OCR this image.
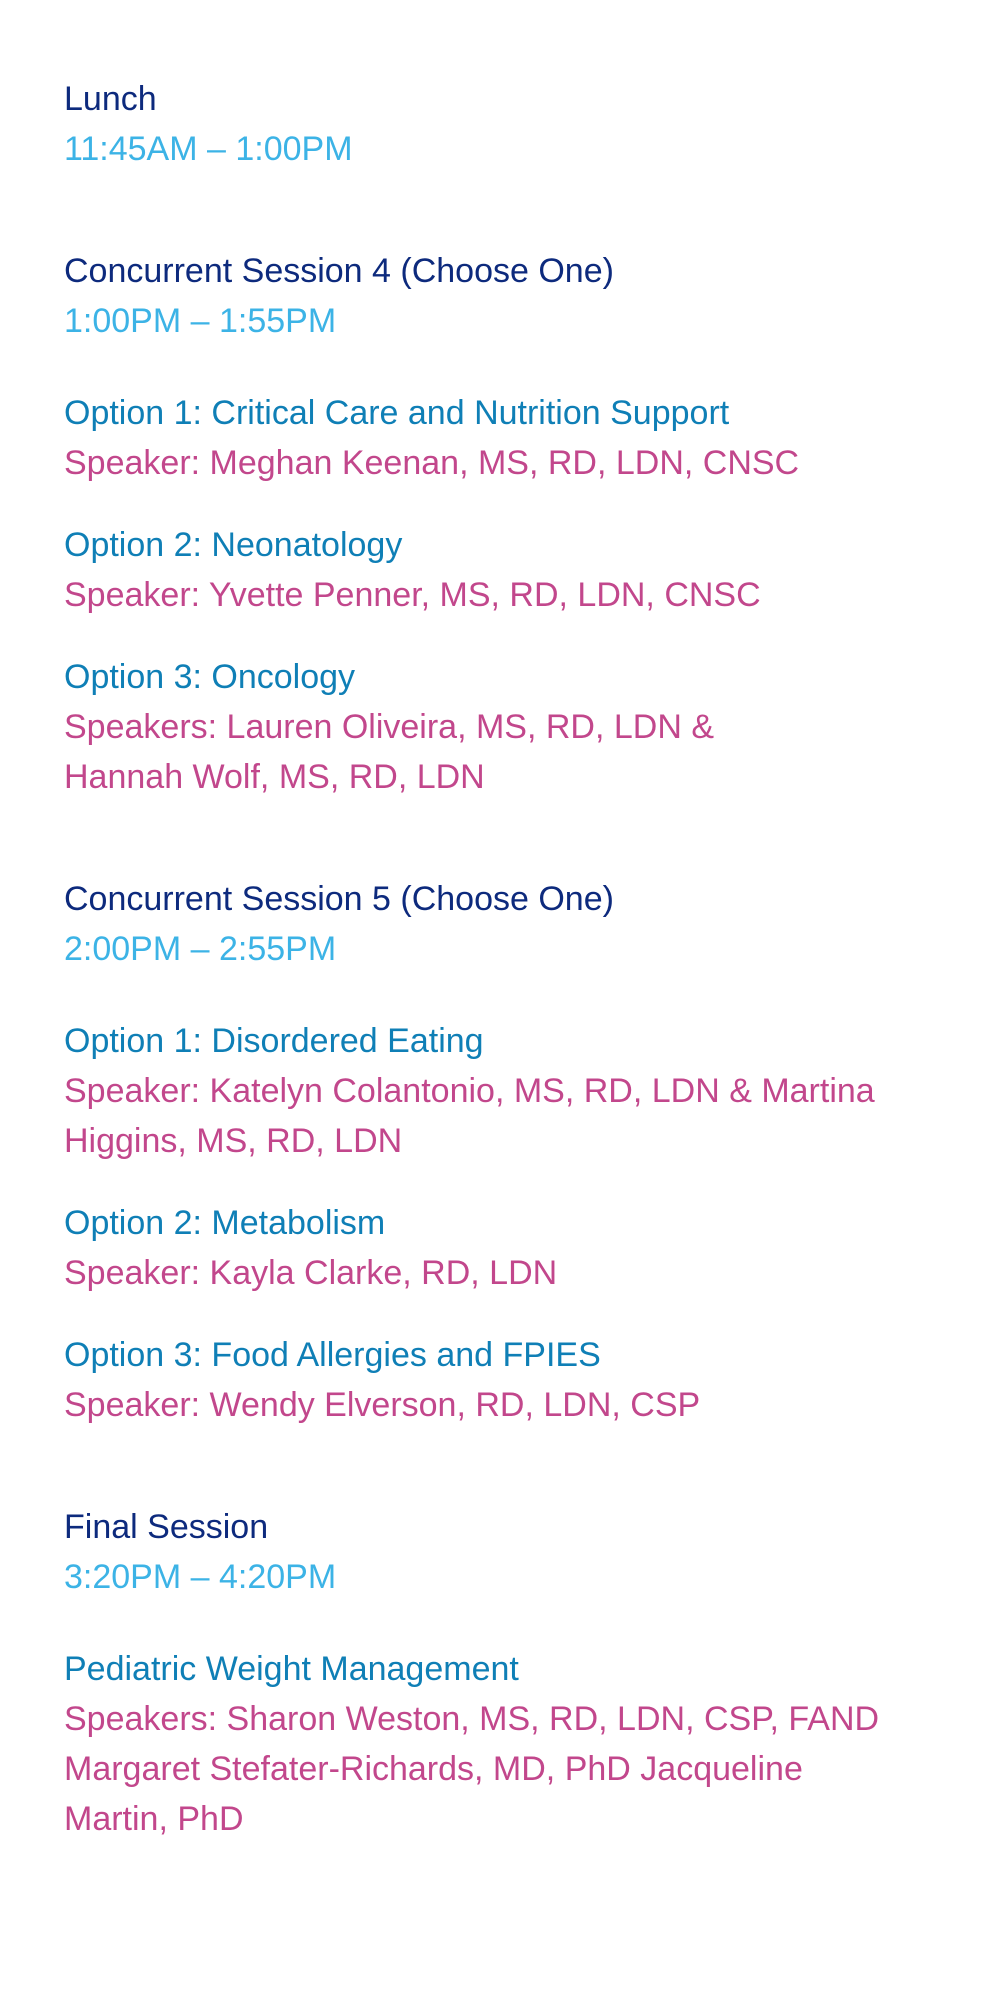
Lunch
11:45AM – 1:00PM
Concurrent Session 4 (Choose One)
1:00PM – 1:55PM
Option 1: Critical Care and Nutrition Support
Speaker: Meghan Keenan, MS, RD, LDN, CNSC
Option 2: Neonatology
Speaker: Yvette Penner, MS, RD, LDN, CNSC
Option 3: Oncology
Speakers: Lauren Oliveira, MS, RD, LDN &
Hannah Wolf, MS, RD, LDN
Concurrent Session 5 (Choose One)
2:00PM – 2:55PM
Option 1: Disordered Eating
Speaker: Katelyn Colantonio, MS, RD, LDN & Martina
Higgins, MS, RD, LDN
Option 2: Metabolism
Speaker: Kayla Clarke, RD, LDN
Option 3: Food Allergies and FPIES
Speaker: Wendy Elverson, RD, LDN, CSP
Final Session
3:20PM – 4:20PM
Pediatric Weight Management
Speakers: Sharon Weston, MS, RD, LDN, CSP, FAND
Margaret Stefater-Richards, MD, PhD Jacqueline
Martin, PhD
